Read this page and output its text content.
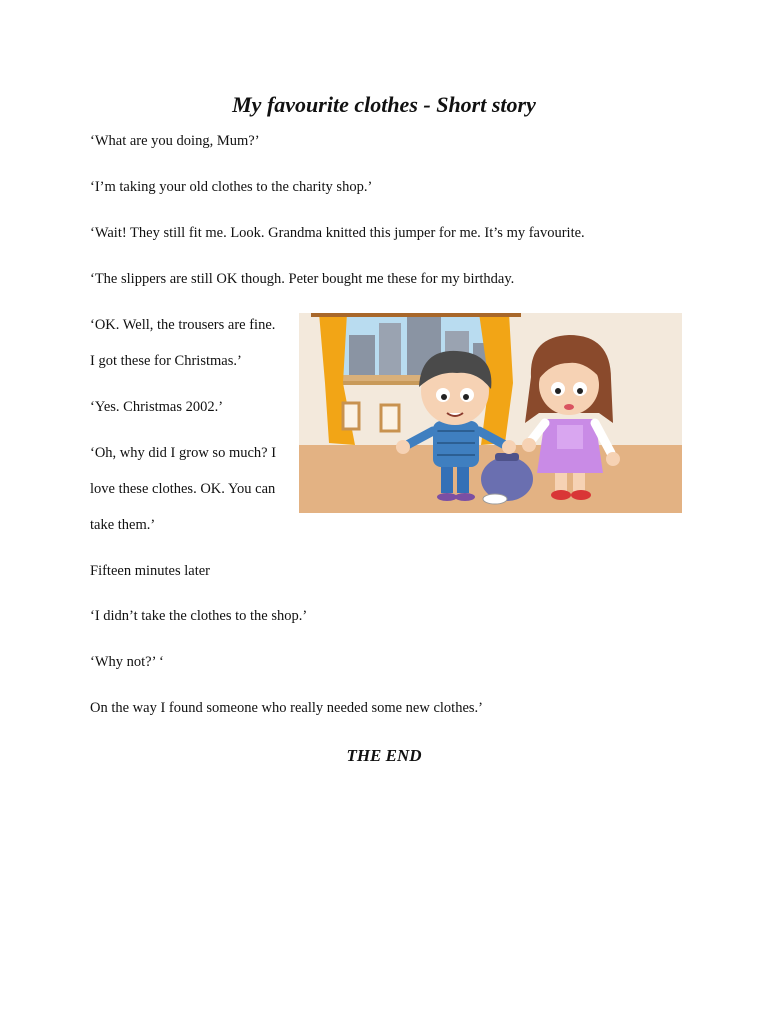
My favourite clothes - Short story
‘What are you doing, Mum?’
‘I’m taking your old clothes to the charity shop.’
‘Wait! They still fit me. Look. Grandma knitted this jumper for me. It’s my favourite.
‘The slippers are still OK though. Peter bought me these for my birthday.
‘OK. Well, the trousers are fine.
I got these for Christmas.’
‘Yes. Christmas 2002.’
‘Oh, why did I grow so much? I
love these clothes. OK. You can
take them.’
Fifteen minutes later
‘I didn’t take the clothes to the shop.’
‘Why not?’ ‘
On the way I found someone who really needed some new clothes.’
THE END
